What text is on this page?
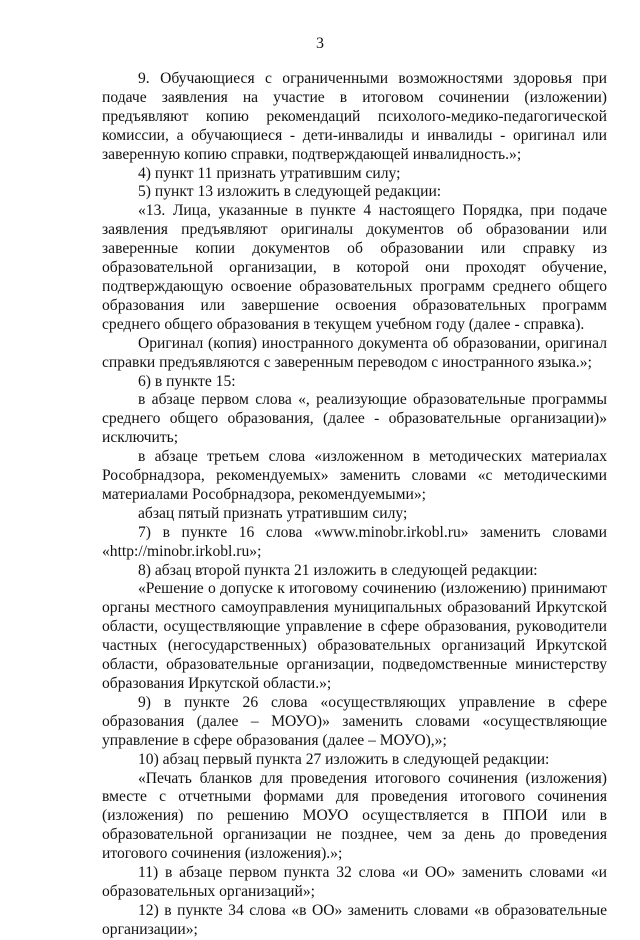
3

9. Обучающиеся с ограниченными возможностями здоровья при подаче заявления на участие в итоговом сочинении (изложении) предъявляют копию рекомендаций психолого-медико-педагогической комиссии, а обучающиеся - дети-инвалиды и инвалиды - оригинал или заверенную копию справки, подтверждающей инвалидность.»;

4) пункт 11 признать утратившим силу;

5) пункт 13 изложить в следующей редакции:

«13. Лица, указанные в пункте 4 настоящего Порядка, при подаче заявления предъявляют оригиналы документов об образовании или заверенные копии документов об образовании или справку из образовательной организации, в которой они проходят обучение, подтверждающую освоение образовательных программ среднего общего образования или завершение освоения образовательных программ среднего общего образования в текущем учебном году (далее - справка).

Оригинал (копия) иностранного документа об образовании, оригинал справки предъявляются с заверенным переводом с иностранного языка.»;

6) в пункте 15:

в абзаце первом слова «, реализующие образовательные программы среднего общего образования, (далее - образовательные организации)» исключить;

в абзаце третьем слова «изложенном в методических материалах Рособрнадзора, рекомендуемых» заменить словами «с методическими материалами Рособрнадзора, рекомендуемыми»;

абзац пятый признать утратившим силу;

7) в пункте 16 слова «www.minobr.irkobl.ru» заменить словами «http://minobr.irkobl.ru»;

8) абзац второй пункта 21 изложить в следующей редакции:

«Решение о допуске к итоговому сочинению (изложению) принимают органы местного самоуправления муниципальных образований Иркутской области, осуществляющие управление в сфере образования, руководители частных (негосударственных) образовательных организаций Иркутской области, образовательные организации, подведомственные министерству образования Иркутской области.»;

9) в пункте 26 слова «осуществляющих управление в сфере образования (далее – МОУО)» заменить словами «осуществляющие управление в сфере образования (далее – МОУО),»;

10) абзац первый пункта 27 изложить в следующей редакции:

«Печать бланков для проведения итогового сочинения (изложения) вместе с отчетными формами для проведения итогового сочинения (изложения) по решению МОУО осуществляется в ППОИ или в образовательной организации не позднее, чем за день до проведения итогового сочинения (изложения).»;

11) в абзаце первом пункта 32 слова «и ОО» заменить словами «и образовательных организаций»;

12) в пункте 34 слова «в ОО» заменить словами «в образовательные организации»;
